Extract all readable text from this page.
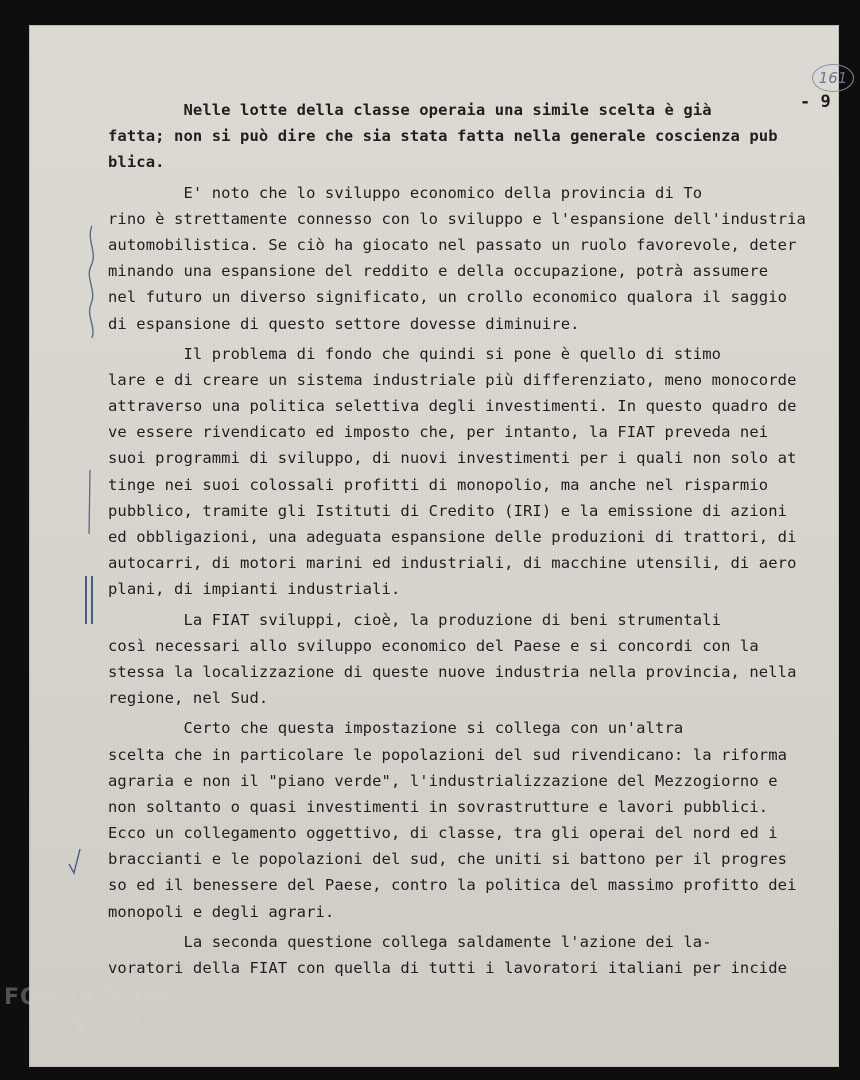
161
- 9
Nelle lotte della classe operaia una simile scelta è già
fatta; non si può dire che sia stata fatta nella generale coscienza pub
blica.
E' noto che lo sviluppo economico della provincia di To
rino è strettamente connesso con lo sviluppo e l'espansione dell'industria
automobilistica. Se ciò ha giocato nel passato un ruolo favorevole, deter
minando una espansione del reddito e della occupazione, potrà assumere
nel futuro un diverso significato, un crollo economico qualora il saggio
di espansione di questo settore dovesse diminuire.
Il problema di fondo che quindi si pone è quello di stimo
lare e di creare un sistema industriale più differenziato, meno monocorde
attraverso una politica selettiva degli investimenti. In questo quadro de
ve essere rivendicato ed imposto che, per intanto, la FIAT preveda nei
suoi programmi di sviluppo, di nuovi investimenti per i quali non solo at
tinge nei suoi colossali profitti di monopolio, ma anche nel risparmio
pubblico, tramite gli Istituti di Credito (IRI) e la emissione di azioni
ed obbligazioni, una adeguata espansione delle produzioni di trattori, di
autocarri, di motori marini ed industriali, di macchine utensili, di aero
plani, di impianti industriali.
La FIAT sviluppi, cioè, la produzione di beni strumentali
così necessari allo sviluppo economico del Paese e si concordi con la
stessa la localizzazione di queste nuove industria nella provincia, nella
regione, nel Sud.
Certo che questa impostazione si collega con un'altra
scelta che in particolare le popolazioni del sud rivendicano: la riforma
agraria e non il "piano verde", l'industrializzazione del Mezzogiorno e
non soltanto o quasi investimenti in sovrastrutture e lavori pubblici.
Ecco un collegamento oggettivo, di classe, tra gli operai del nord ed i
braccianti e le popolazioni del sud, che uniti si battono per il progres
so ed il benessere del Paese, contro la politica del massimo profitto dei
monopoli e degli agrari.
La seconda questione collega saldamente l'azione dei la-
voratori della FIAT con quella di tutti i lavoratori italiani per incide
FONDAZIONE
GRAMSCI
onlus
